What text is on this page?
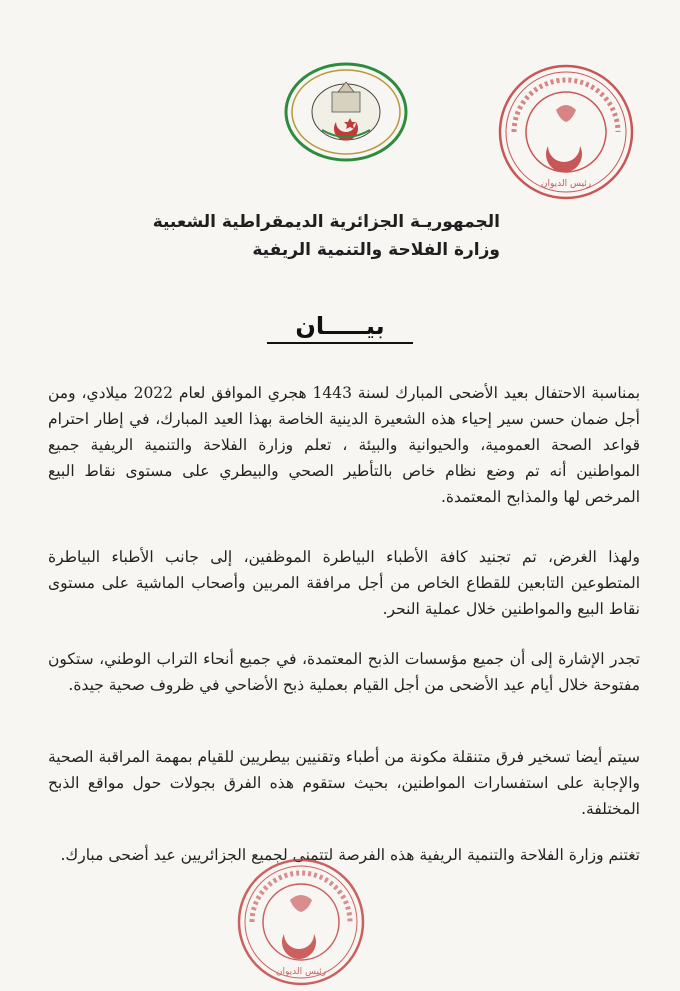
رئيس الديوان
الجمهوريـة الجزائرية الديمقراطية الشعبية
وزارة الفلاحة والتنمية الريفية
بيـــــان

بمناسبة الاحتفال بعيد الأضحى المبارك لسنة 1443 هجري الموافق لعام 2022 ميلادي، ومن أجل ضمان حسن سير إحياء هذه الشعيرة الدينية الخاصة بهذا العيد المبارك، في إطار احترام قواعد الصحة العمومية، والحيوانية والبيئة ، تعلم وزارة الفلاحة والتنمية الريفية جميع المواطنين أنه تم وضع نظام خاص بالتأطير الصحي والبيطري على مستوى نقاط البيع المرخص لها والمذابح المعتمدة.

ولهذا الغرض، تم تجنيد كافة الأطباء البياطرة الموظفين، إلى جانب الأطباء البياطرة المتطوعين التابعين للقطاع الخاص من أجل مرافقة المربين وأصحاب الماشية على مستوى نقاط البيع والمواطنين خلال عملية النحر.

تجدر الإشارة إلى أن جميع مؤسسات الذبح المعتمدة، في جميع أنحاء التراب الوطني، ستكون مفتوحة خلال أيام عيد الأضحى من أجل القيام بعملية ذبح الأضاحي في ظروف صحية جيدة.

سيتم أيضا تسخير فرق متنقلة مكونة من أطباء وتقنيين بيطريين للقيام بمهمة المراقبة الصحية والإجابة على استفسارات المواطنين، بحيث ستقوم هذه الفرق بجولات حول مواقع الذبح المختلفة.

تغتنم وزارة الفلاحة والتنمية الريفية هذه الفرصة لتتمنى لجميع الجزائريين عيد أضحى مبارك.

رئيس الديوان
